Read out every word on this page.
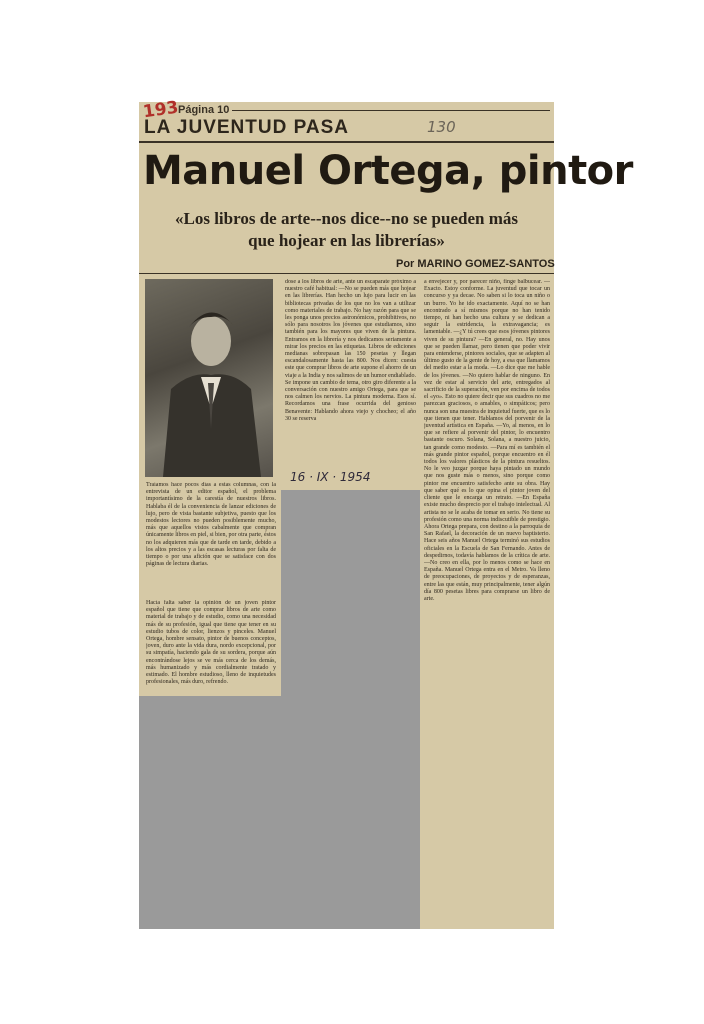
193
Página 10
LA JUVENTUD PASA	130
Manuel Ortega, pintor
«Los libros de arte--nos dice--no se pueden más
que hojear en las librerías»
Por MARINO GOMEZ-SANTOS
Traíamos hace pocos días a estas columnas, con la entrevista de un editor español, el problema importantísimo de la carestía de nuestros libros. Hablaba él de la conveniencia de lanzar ediciones de lujo, pero de vista bastante subjetiva, puesto que los modestos lectores no pueden posiblemente mucho, más que aquellos vistos cabalmente que compran únicamente libros en piel, si bien, por otra parte, éstos no los adquieren más que de tarde en tarde, debido a los altos precios y a las escasas lecturas por falta de tiempo o por una afición que se satisface con dos páginas de lectura diarias.
Hacía falta saber la opinión de un joven pintor español que tiene que comprar libros de arte como material de trabajo y de estudio, como una necesidad más de su profesión, igual que tiene que tener en su estudio tubos de color, lienzos y pinceles. Manuel Ortega, hombre sensato, pintor de buenos conceptos, joven, duro ante la vida dura, nordo excepcional, por su simpatía, haciendo gala de su sordera, porque aún encontrándose lejos se ve más cerca de los demás, más humanizado y más cordialmente tratado y estimado. El hombre estudioso, lleno de inquietudes profesionales, más duro, refrendo.
dose a los libros de arte, ante un escaparate próximo a nuestro café habitual: —No se pueden más que hojear en las librerías. Han hecho un lujo para lucir en las bibliotecas privadas de los que no los van a utilizar como materiales de trabajo. No hay razón para que se les ponga unos precios astronómicos, prohibitivos, no sólo para nosotros los jóvenes que estudiamos, sino también para los mayores que viven de la pintura. Entramos en la librería y nos dedicamos seriamente a mirar los precios en las etiquetas. Libros de ediciones medianas sobrepasan las 150 pesetas y llegan escandalosamente hasta las 800. Nos dicen: cuesta este que comprar libros de arte supone el ahorro de un viaje a la India y nos salimos de un humor endiablado. Se impone un cambio de tema, otro giro diferente a la conversación con nuestro amigo Ortega, para que se nos calmen los nervios. La pintura moderna. Esos sí. Recordamos una frase ocurrida del genioso Benavente: Hablando ahora viejo y chocheo; el año 30 se reserva
a envejecer y, por parecer niño, finge balbucear. —Exacto. Estoy conforme. La juventud que tocar un concurso y ya decae. No saben si lo toca un niño o un burro. Yo he ido exactamente. Aquí no se han encontrado a sí mismos porque no han tenido tiempo, ni han hecho una cultura y se dedican a seguir la estridencia, la extravagancia; es lamentable. —¿Y tú crees que esos jóvenes pintores viven de su pintura? —En general, no. Hay unos que se pueden llamar, pero tienen que poder vivir para entenderse, pintores sociales, que se adapten al último gusto de la gente de hoy, a esa que llamamos del medio estar a la moda. —Lo dice que me hable de los jóvenes. —No quiero hablar de ninguno. En vez de estar al servicio del arte, entregados al sacrificio de la superación, ven por encima de todos el «yo». Esto no quiere decir que sus cuadros no me parezcan graciosos, o amables, o simpáticos; pero nunca son una muestra de inquietud fuerte, que es lo que tienen que tener. Hablamos del porvenir de la juventud artística en España. —Yo, al menos, en lo que se refiere al porvenir del pintor, lo encuentro bastante oscuro. Solana, Solana, a nuestro juicio, tan grande como modesto. —Para mí es también el más grande pintor español, porque encuentro en él todos los valores plásticos de la pintura resueltos. No le veo juzgar porque haya pintado un mundo que nos guste más o menos, sino porque como pintor me encuentro satisfecho ante su obra. Hay que saber qué es lo que opina el pintor joven del cliente que le encarga un retrato. —En España existe mucho desprecio por el trabajo intelectual. Al artista no se le acaba de tomar en serio. No tiene su profesión como una norma indiscutible de prestigio. Ahora Ortega prepara, con destino a la parroquia de San Rafael, la decoración de un nuevo baptisterio. Hace seis años Manuel Ortega terminó sus estudios oficiales en la Escuela de San Fernando. Antes de despedirnos, todavía hablamos de la crítica de arte. —No creo en ella, por lo menos como se hace en España. Manuel Ortega entra en el Metro. Va lleno de preocupaciones, de proyectos y de esperanzas, entre las que están, muy principalmente, tener algún día 800 pesetas libres para comprarse un libro de arte.
16 · IX · 1954
